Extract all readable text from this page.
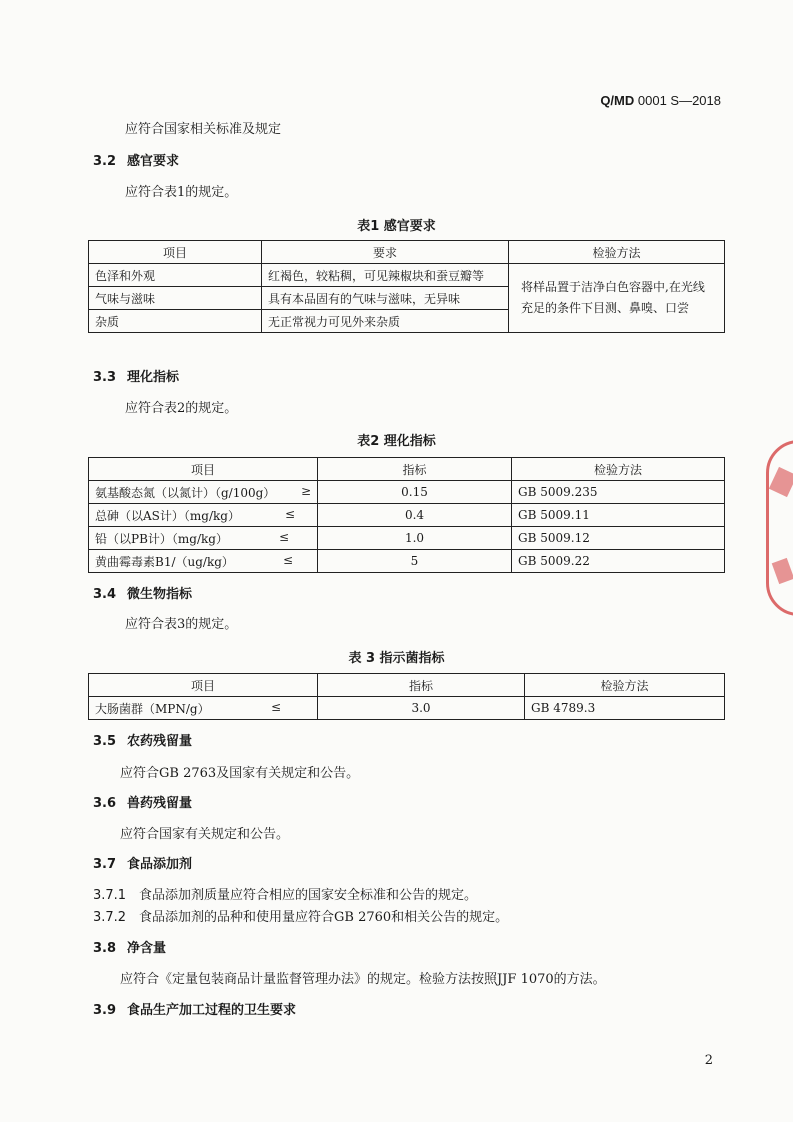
Q/MD 0001 S—2018
应符合国家相关标准及规定
3.2 感官要求
应符合表1的规定。
表1 感官要求
项目	要求	检验方法
色泽和外观	红褐色，较粘稠，可见辣椒块和蚕豆瓣等	将样品置于洁净白色容器中,在光线充足的条件下目测、鼻嗅、口尝
气味与滋味	具有本品固有的气味与滋味，无异味	
杂质	无正常视力可见外来杂质	
3.3 理化指标
应符合表2的规定。
表2 理化指标
项目	指标	检验方法
氨基酸态氮（以氮计）（g/100g） ≥	0.15	GB 5009.235
总砷（以AS计）（mg/kg） ≤	0.4	GB 5009.11
铅（以PB计）（mg/kg） ≤	1.0	GB 5009.12
黄曲霉毒素B1/（ug/kg） ≤	5	GB 5009.22
3.4 微生物指标
应符合表3的规定。
表 3 指示菌指标
项目	指标	检验方法
大肠菌群（MPN/g） ≤	3.0	GB 4789.3
3.5 农药残留量
应符合GB 2763及国家有关规定和公告。
3.6 兽药残留量
应符合国家有关规定和公告。
3.7 食品添加剂
3.7.1 食品添加剂质量应符合相应的国家安全标准和公告的规定。
3.7.2 食品添加剂的品种和使用量应符合GB 2760和相关公告的规定。
3.8 净含量
应符合《定量包装商品计量监督管理办法》的规定。检验方法按照JJF 1070的方法。
3.9 食品生产加工过程的卫生要求
2
